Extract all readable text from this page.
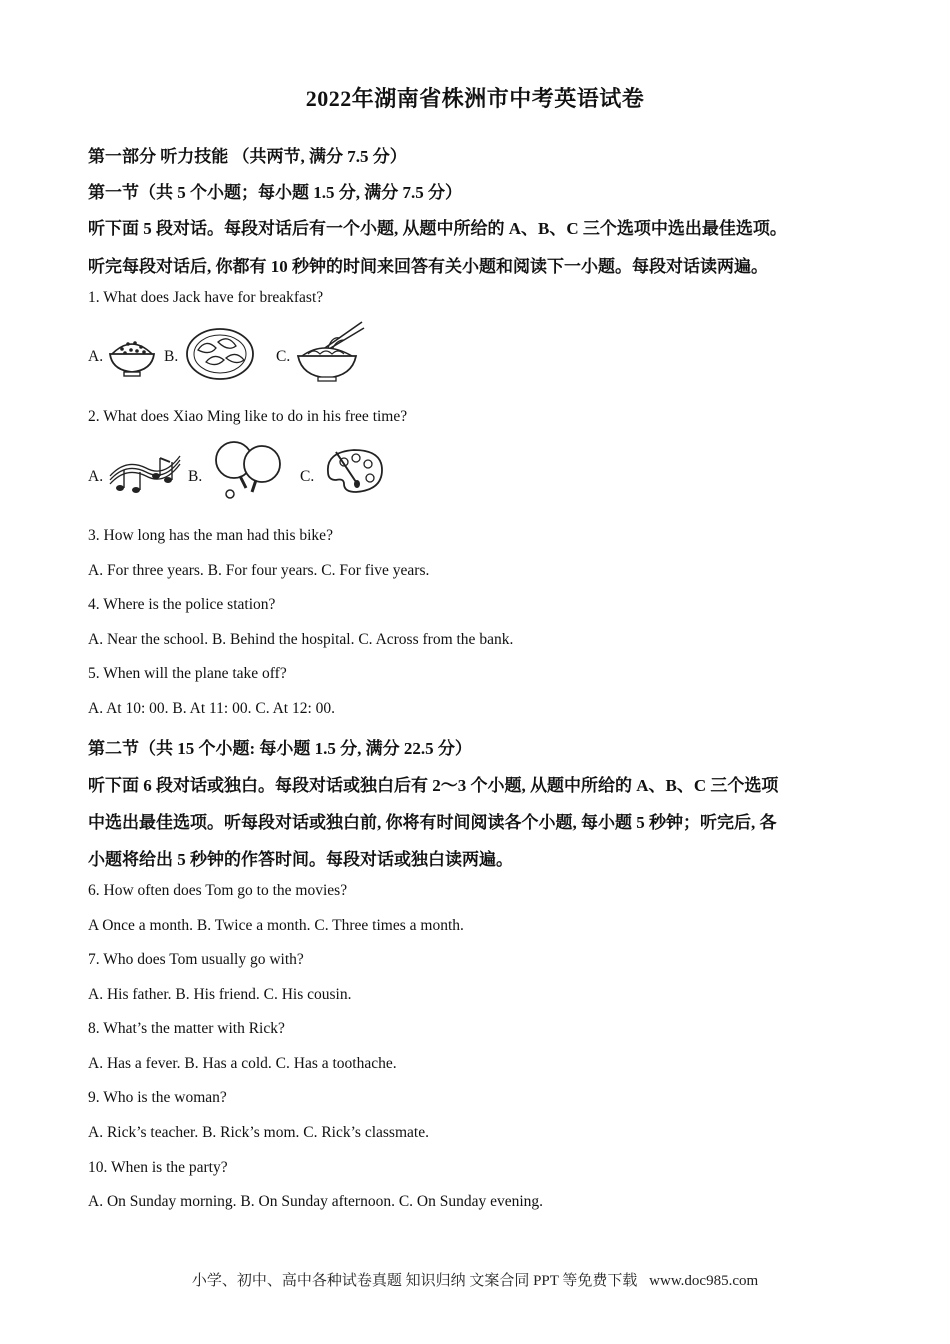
2022年湖南省株洲市中考英语试卷
第一部分 听力技能 （共两节, 满分 7.5 分）
第一节（共 5 个小题；每小题 1.5 分, 满分 7.5 分）
听下面 5 段对话。每段对话后有一个小题, 从题中所给的 A、B、C 三个选项中选出最佳选项。
听完每段对话后, 你都有 10 秒钟的时间来回答有关小题和阅读下一小题。每段对话读两遍。
1. What does Jack have for breakfast?
A.	B.	C.
2. What does Xiao Ming like to do in his free time?
A.	B.	C.
3. How long has the man had this bike?
A. For three years. B. For four years. C. For five years.
4. Where is the police station?
A. Near the school. B. Behind the hospital. C. Across from the bank.
5. When will the plane take off?
A. At 10: 00. B. At 11: 00. C. At 12: 00.
第二节（共 15 个小题: 每小题 1.5 分, 满分 22.5 分）
听下面 6 段对话或独白。每段对话或独白后有 2～3 个小题, 从题中所给的 A、B、C 三个选项
中选出最佳选项。听每段对话或独白前, 你将有时间阅读各个小题, 每小题 5 秒钟；听完后, 各
小题将给出 5 秒钟的作答时间。每段对话或独白读两遍。
6. How often does Tom go to the movies?
A Once a month. B. Twice a month. C. Three times a month.
7. Who does Tom usually go with?
A. His father. B. His friend. C. His cousin.
8. What’s the matter with Rick?
A. Has a fever. B. Has a cold. C. Has a toothache.
9. Who is the woman?
A. Rick’s teacher. B. Rick’s mom. C. Rick’s classmate.
10. When is the party?
A. On Sunday morning. B. On Sunday afternoon. C. On Sunday evening.
小学、初中、高中各种试卷真题 知识归纳 文案合同 PPT 等免费下载 www.doc985.com
